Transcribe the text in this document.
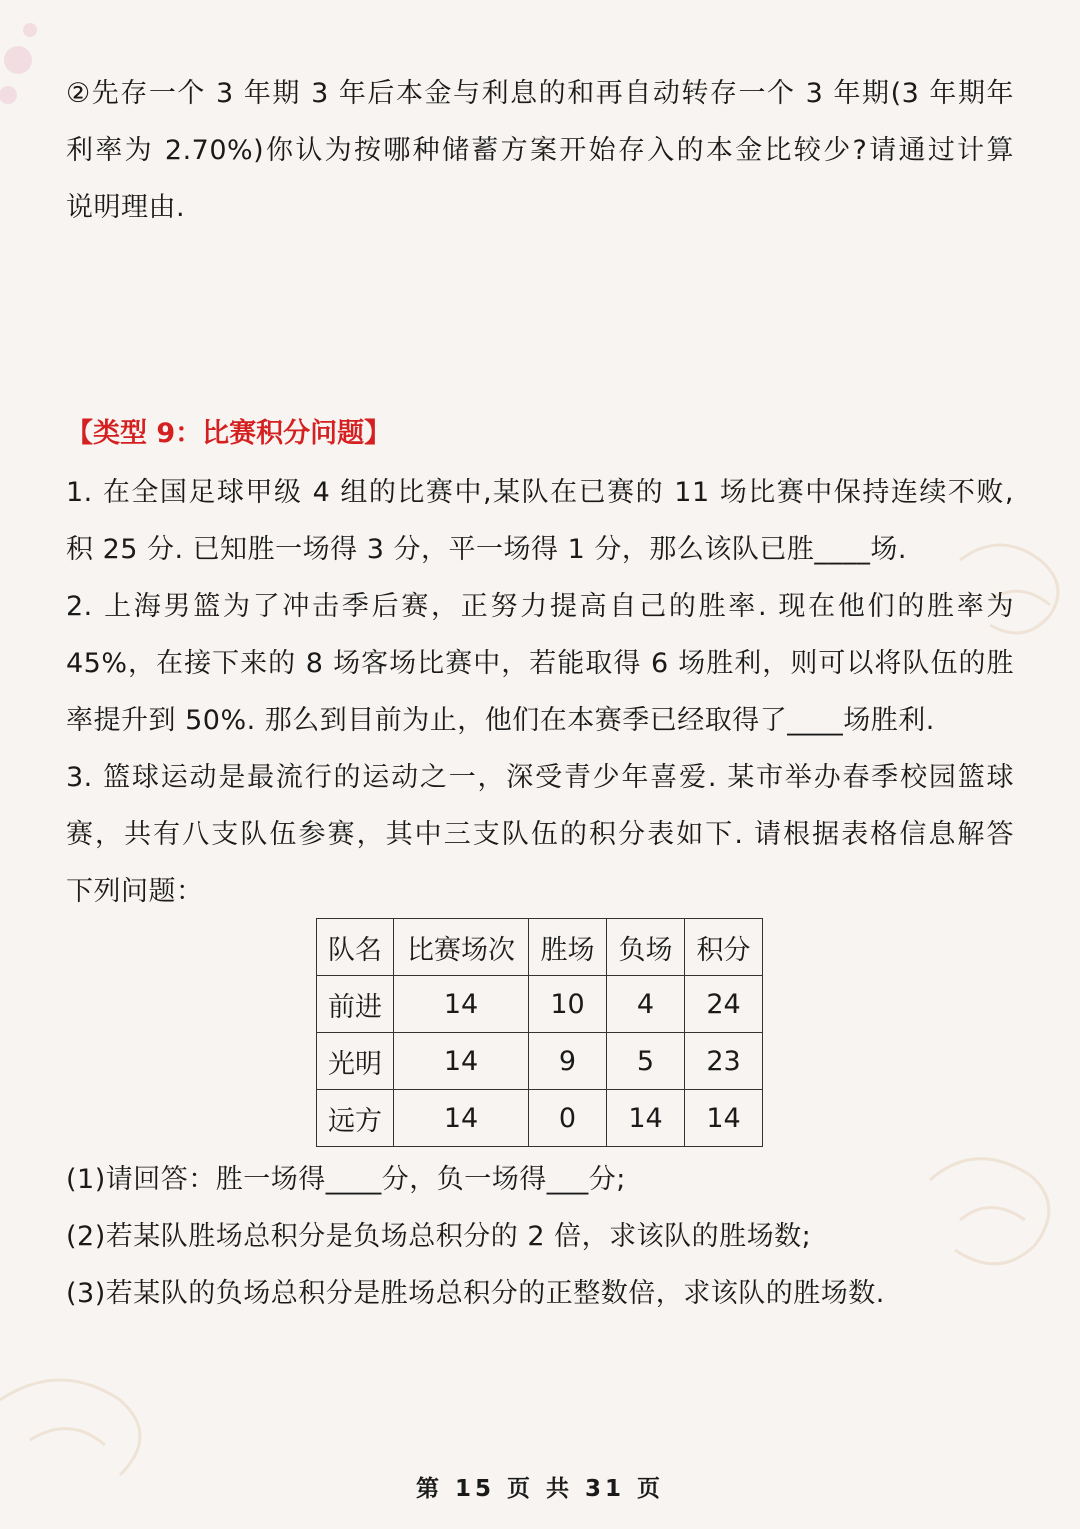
②先存一个 3 年期 3 年后本金与利息的和再自动转存一个 3 年期(3 年期年
利率为 2.70%)你认为按哪种储蓄方案开始存入的本金比较少?请通过计算
说明理由.
【类型 9：比赛积分问题】
1. 在全国足球甲级 4 组的比赛中,某队在已赛的 11 场比赛中保持连续不败,
积 25 分. 已知胜一场得 3 分，平一场得 1 分，那么该队已胜____场.
2. 上海男篮为了冲击季后赛，正努力提高自己的胜率. 现在他们的胜率为
45%，在接下来的 8 场客场比赛中，若能取得 6 场胜利，则可以将队伍的胜
率提升到 50%. 那么到目前为止，他们在本赛季已经取得了____场胜利.
3. 篮球运动是最流行的运动之一，深受青少年喜爱. 某市举办春季校园篮球
赛，共有八支队伍参赛，其中三支队伍的积分表如下. 请根据表格信息解答
下列问题：
队名	比赛场次	胜场	负场	积分
前进	14	10	4	24
光明	14	9	5	23
远方	14	0	14	14
(1)请回答：胜一场得____分，负一场得___分;
(2)若某队胜场总积分是负场总积分的 2 倍，求该队的胜场数;
(3)若某队的负场总积分是胜场总积分的正整数倍，求该队的胜场数.
第 15 页 共 31 页
